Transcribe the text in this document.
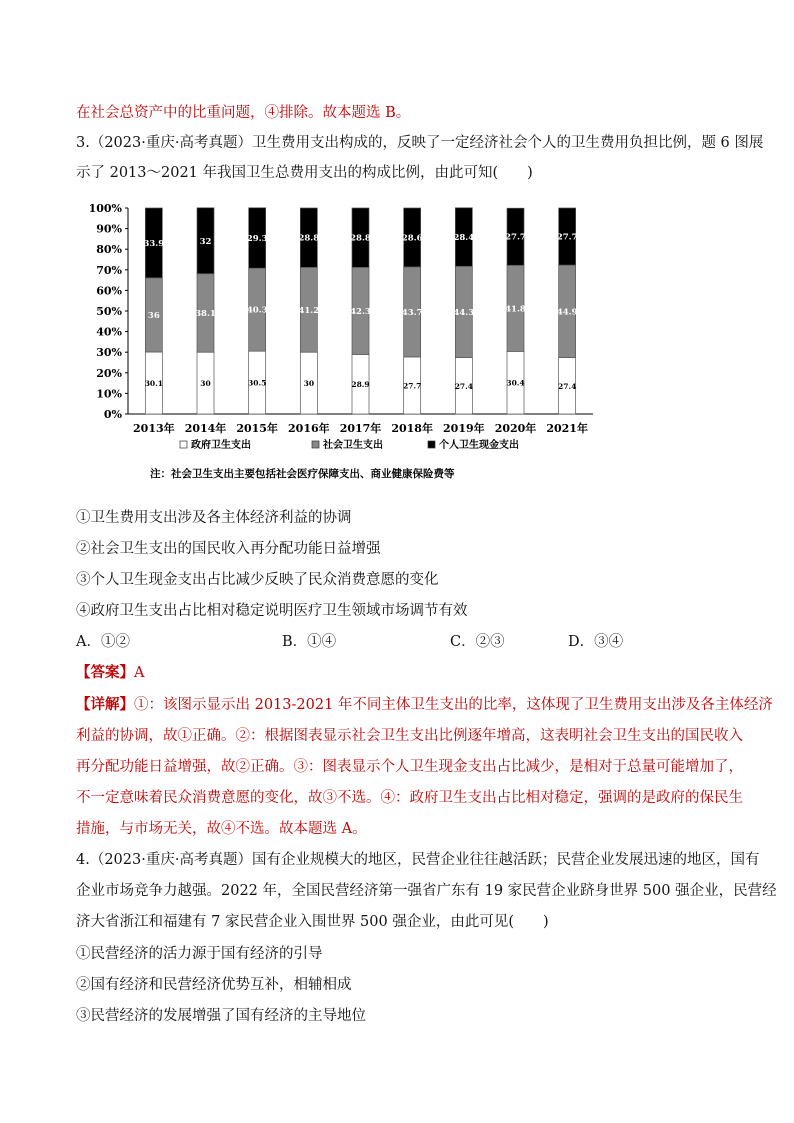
在社会总资产中的比重问题，④排除。故本题选 B。
3.（2023·重庆·高考真题）卫生费用支出构成的，反映了一定经济社会个人的卫生费用负担比例，题 6 图展
示了 2013～2021 年我国卫生总费用支出的构成比例，由此可知(　　)
0%
10%
20%
30%
40%
50%
60%
70%
80%
90%
100%
30.1
36
33.9
2013年
30
38.1
32
2014年
30.5
40.3
29.3
2015年
30
41.2
28.8
2016年
28.9
42.3
28.8
2017年
27.7
43.7
28.6
2018年
27.4
44.3
28.4
2019年
30.4
41.8
27.7
2020年
27.4
44.9
27.7
2021年
政府卫生支出	社会卫生支出	个人卫生现金支出
注：社会卫生支出主要包括社会医疗保障支出、商业健康保险费等
①卫生费用支出涉及各主体经济利益的协调
②社会卫生支出的国民收入再分配功能日益增强
③个人卫生现金支出占比减少反映了民众消费意愿的变化
④政府卫生支出占比相对稳定说明医疗卫生领域市场调节有效
A．①②	B．①④	C．②③	D．③④
【答案】A
【详解】①：该图示显示出 2013-2021 年不同主体卫生支出的比率，这体现了卫生费用支出涉及各主体经济
利益的协调，故①正确。②：根据图表显示社会卫生支出比例逐年增高，这表明社会卫生支出的国民收入
再分配功能日益增强，故②正确。③：图表显示个人卫生现金支出占比减少，是相对于总量可能增加了，
不一定意味着民众消费意愿的变化，故③不选。④：政府卫生支出占比相对稳定，强调的是政府的保民生
措施，与市场无关，故④不选。故本题选 A。
4.（2023·重庆·高考真题）国有企业规模大的地区，民营企业往往越活跃；民营企业发展迅速的地区，国有
企业市场竞争力越强。2022 年，全国民营经济第一强省广东有 19 家民营企业跻身世界 500 强企业，民营经
济大省浙江和福建有 7 家民营企业入围世界 500 强企业，由此可见(　　)
①民营经济的活力源于国有经济的引导
②国有经济和民营经济优势互补，相辅相成
③民营经济的发展增强了国有经济的主导地位
